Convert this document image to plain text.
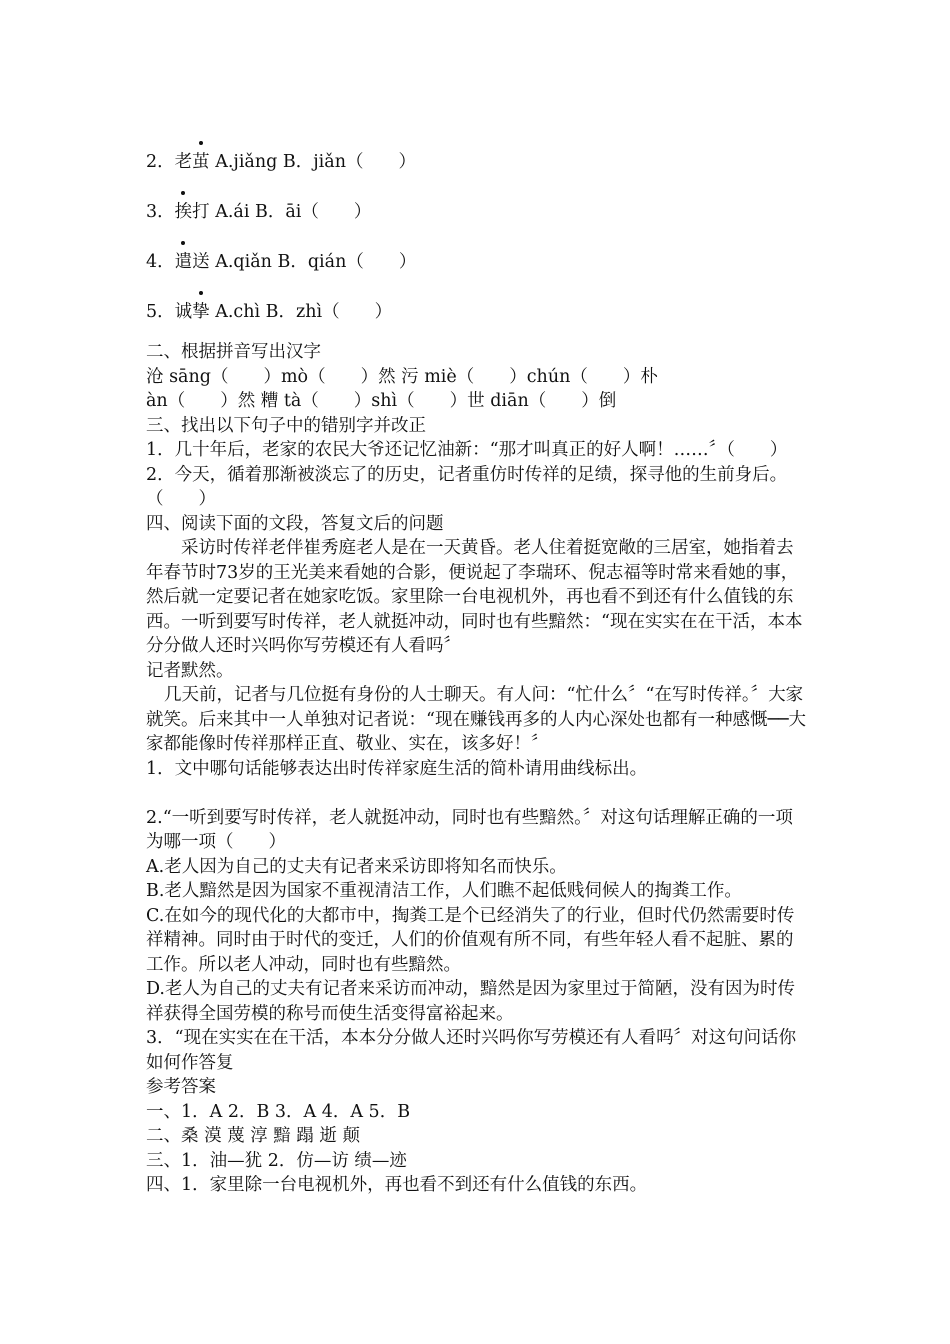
2．老茧 A.jiǎng B．jiǎn（　　）
3．挨打 A.ái B．āi（　　）
4．遣送 A.qiǎn B．qián（　　）
5．诚挚 A.chì B．zhì（　　）

二、根据拼音写出汉字

沧 sāng（　　）mò（　　）然 污 miè（　　）chún（　　）朴

àn（　　）然 糟 tà（　　）shì（　　）世 diān（　　）倒

三、找出以下句子中的错别字并改正

1．几十年后，老家的农民大爷还记忆油新：“那才叫真正的好人啊！……〞（　　）

2．今天，循着那渐被淡忘了的历史，记者重仿时传祥的足绩，探寻他的生前身后。（　　）

四、阅读下面的文段，答复文后的问题

采访时传祥老伴崔秀庭老人是在一天黄昏。老人住着挺宽敞的三居室，她指着去年春节时73岁的王光美来看她的合影，便说起了李瑞环、倪志福等时常来看她的事，然后就一定要记者在她家吃饭。家里除一台电视机外，再也看不到还有什么值钱的东西。一听到要写时传祥，老人就挺冲动，同时也有些黯然：“现在实实在在干活，本本分分做人还时兴吗你写劳模还有人看吗〞

记者默然。

几天前，记者与几位挺有身份的人士聊天。有人问：“忙什么〞“在写时传祥。〞大家就笑。后来其中一人单独对记者说：“现在赚钱再多的人内心深处也都有一种感慨──大家都能像时传祥那样正直、敬业、实在，该多好！〞

1．文中哪句话能够表达出时传祥家庭生活的简朴请用曲线标出。

2.“一听到要写时传祥，老人就挺冲动，同时也有些黯然。〞对这句话理解正确的一项为哪一项（　　）

A.老人因为自己的丈夫有记者来采访即将知名而快乐。

B.老人黯然是因为国家不重视清洁工作，人们瞧不起低贱伺候人的掏粪工作。

C.在如今的现代化的大都市中，掏粪工是个已经消失了的行业，但时代仍然需要时传祥精神。同时由于时代的变迁，人们的价值观有所不同，有些年轻人看不起脏、累的工作。所以老人冲动，同时也有些黯然。

D.老人为自己的丈夫有记者来采访而冲动，黯然是因为家里过于简陋，没有因为时传祥获得全国劳模的称号而使生活变得富裕起来。

3．“现在实实在在干活，本本分分做人还时兴吗你写劳模还有人看吗〞对这句问话你如何作答复

参考答案

一、1．A 2．B 3．A 4．A 5．B

二、桑 漠 蔑 淳 黯 蹋 逝 颠

三、1．油—犹 2．仿—访 绩—迹

四、1．家里除一台电视机外，再也看不到还有什么值钱的东西。
